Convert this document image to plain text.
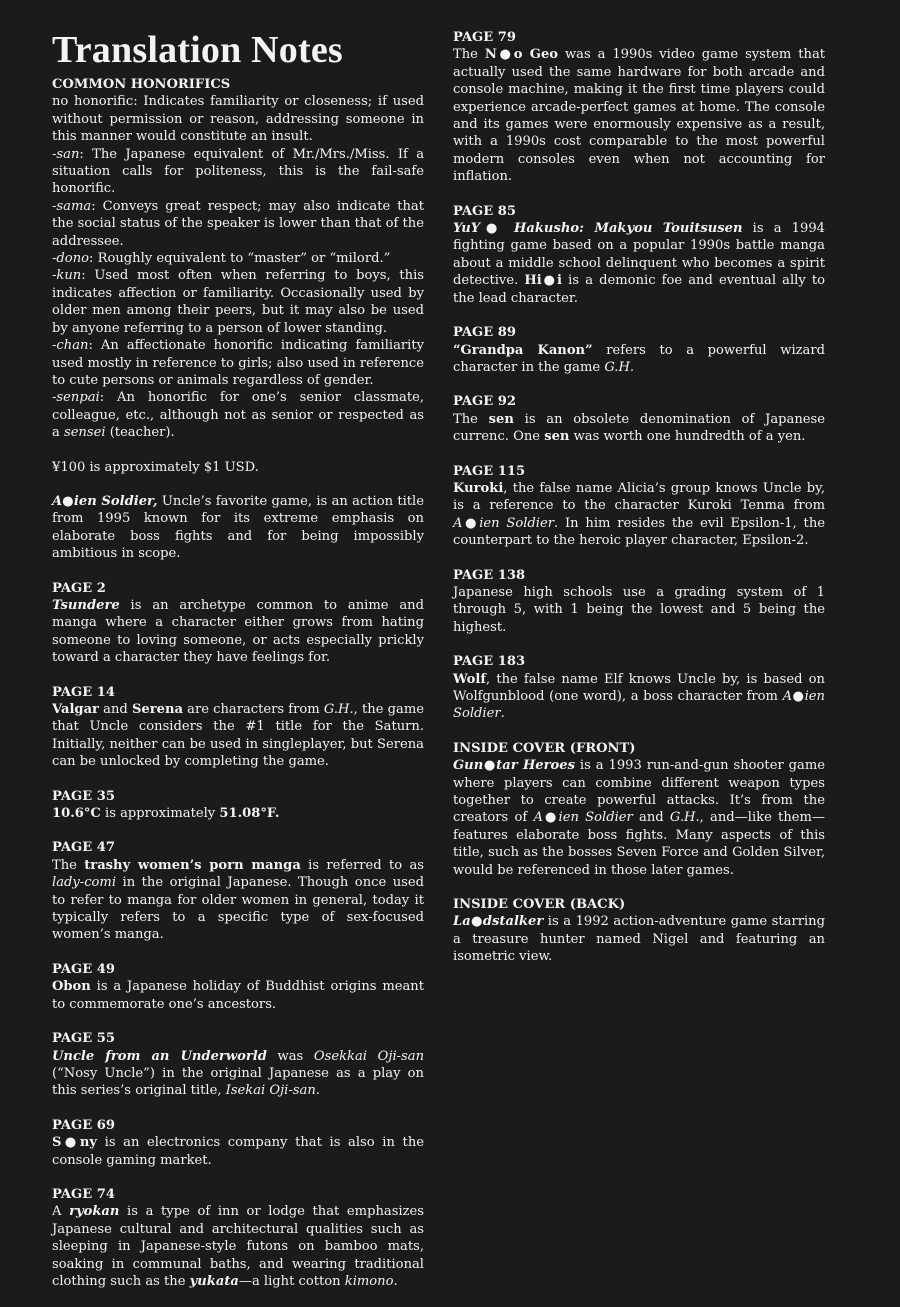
Translation Notes
COMMON HONORIFICS

no honorific: Indicates familiarity or closeness; if used without permission or reason, addressing someone in this manner would constitute an insult.

-san: The Japanese equivalent of Mr./Mrs./Miss. If a situation calls for politeness, this is the fail-safe honorific.

-sama: Conveys great respect; may also indicate that the social status of the speaker is lower than that of the addressee.

-dono: Roughly equivalent to “master” or “milord.”

-kun: Used most often when referring to boys, this indicates affection or familiarity. Occasionally used by older men among their peers, but it may also be used by anyone referring to a person of lower standing.

-chan: An affectionate honorific indicating familiarity used mostly in reference to girls; also used in reference to cute persons or animals regardless of gender.

-senpai: An honorific for one’s senior classmate, colleague, etc., although not as senior or respected as a sensei (teacher).

¥100 is approximately $1 USD.

A●ien Soldier, Uncle’s favorite game, is an action title from 1995 known for its extreme emphasis on elaborate boss fights and for being impossibly ambitious in scope.

PAGE 2

Tsundere is an archetype common to anime and manga where a character either grows from hating someone to loving someone, or acts especially prickly toward a character they have feelings for.

PAGE 14

Valgar and Serena are characters from G.H., the game that Uncle considers the #1 title for the Saturn. Initially, neither can be used in singleplayer, but Serena can be unlocked by completing the game.

PAGE 35

10.6°C is approximately 51.08°F.

PAGE 47

The trashy women’s porn manga is referred to as lady-comi in the original Japanese. Though once used to refer to manga for older women in general, today it typically refers to a specific type of sex-focused women’s manga.

PAGE 49

Obon is a Japanese holiday of Buddhist origins meant to commemorate one’s ancestors.

PAGE 55

Uncle from an Underworld was Osekkai Oji-san (“Nosy Uncle”) in the original Japanese as a play on this series’s original title, Isekai Oji-san.

PAGE 69

S●ny is an electronics company that is also in the console gaming market.

PAGE 74

A ryokan is a type of inn or lodge that emphasizes Japanese cultural and architectural qualities such as sleeping in Japanese-style futons on bamboo mats, soaking in communal baths, and wearing traditional clothing such as the yukata—a light cotton kimono.

PAGE 79

The N●o Geo was a 1990s video game system that actually used the same hardware for both arcade and console machine, making it the first time players could experience arcade-perfect games at home. The console and its games were enormously expensive as a result, with a 1990s cost comparable to the most powerful modern consoles even when not accounting for inflation.

PAGE 85

YuY● Hakusho: Makyou Touitsusen is a 1994 fighting game based on a popular 1990s battle manga about a middle school delinquent who becomes a spirit detective. Hi●i is a demonic foe and eventual ally to the lead character.

PAGE 89

“Grandpa Kanon” refers to a powerful wizard character in the game G.H.

PAGE 92

The sen is an obsolete denomination of Japanese currenc. One sen was worth one hundredth of a yen.

PAGE 115

Kuroki, the false name Alicia’s group knows Uncle by, is a reference to the character Kuroki Tenma from A●ien Soldier. In him resides the evil Epsilon-1, the counterpart to the heroic player character, Epsilon-2.

PAGE 138

Japanese high schools use a grading system of 1 through 5, with 1 being the lowest and 5 being the highest.

PAGE 183

Wolf, the false name Elf knows Uncle by, is based on Wolfgunblood (one word), a boss character from A●ien Soldier.

INSIDE COVER (FRONT)

Gun●tar Heroes is a 1993 run-and-gun shooter game where players can combine different weapon types together to create powerful attacks. It’s from the creators of A●ien Soldier and G.H., and—like them—features elaborate boss fights. Many aspects of this title, such as the bosses Seven Force and Golden Silver, would be referenced in those later games.

INSIDE COVER (BACK)

La●dstalker is a 1992 action-adventure game starring a treasure hunter named Nigel and featuring an isometric view.
